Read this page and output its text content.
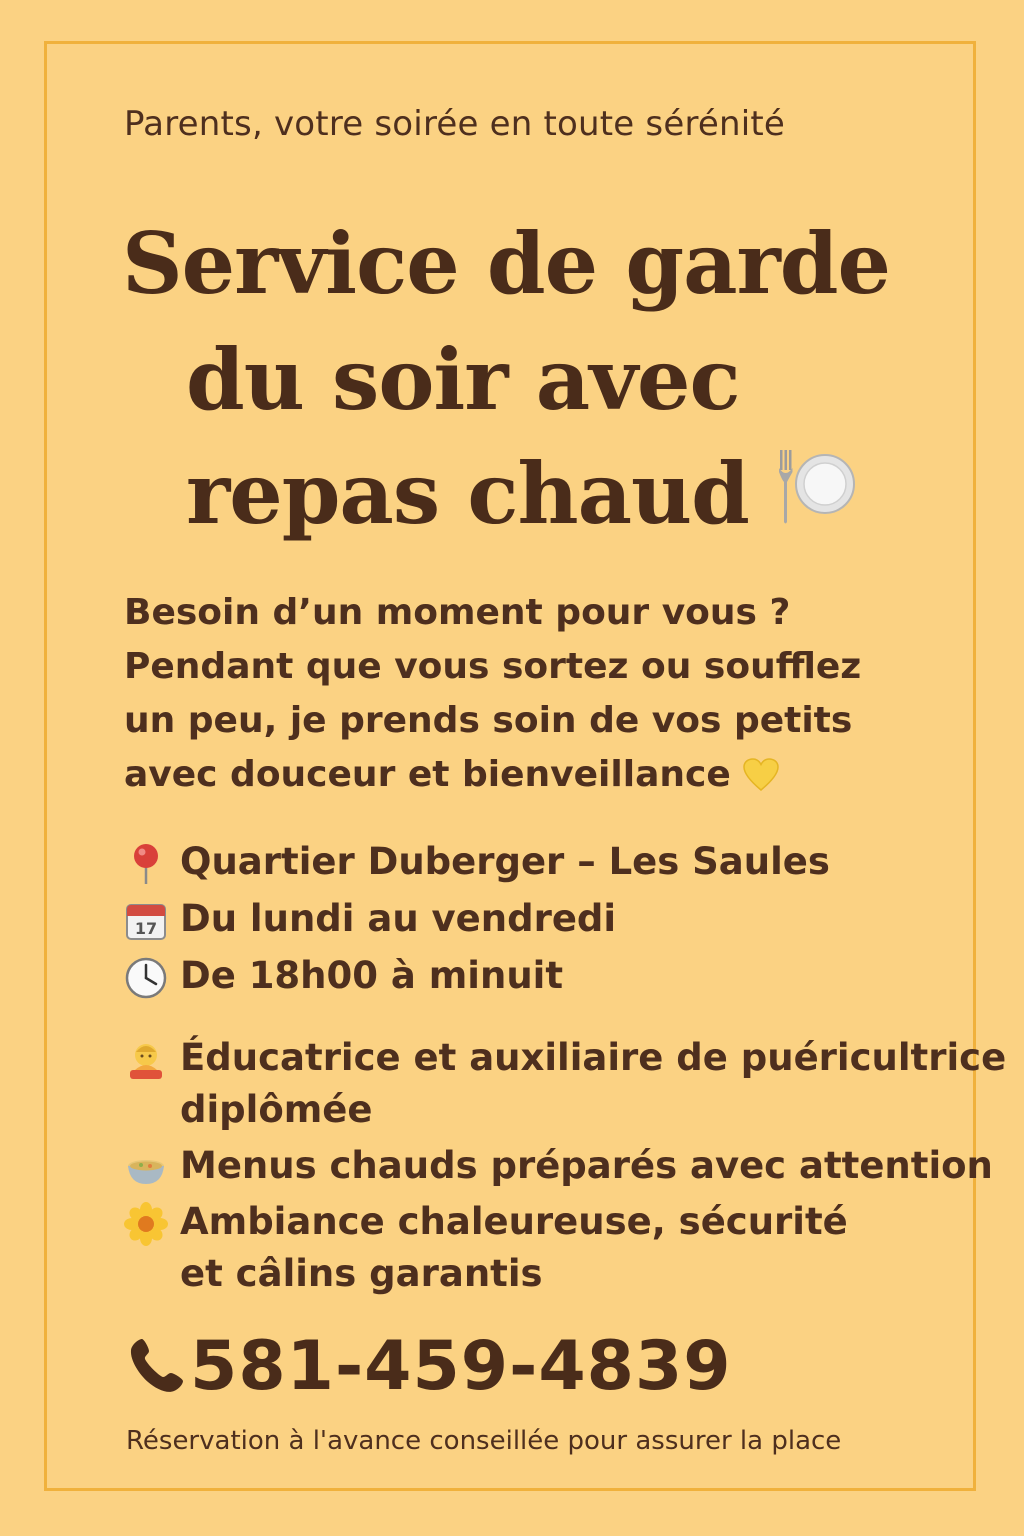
Parents, votre soirée en toute sérénité
Service de garde
du soir avec
repas chaud
Besoin d’un moment pour vous ?
Pendant que vous sortez ou soufflez
un peu, je prends soin de vos petits
avec douceur et bienveillance
Quartier Duberger – Les Saules
17 Du lundi au vendredi
De 18h00 à minuit
Éducatrice et auxiliaire de puéricultrice
diplômée
Menus chauds préparés avec attention
Ambiance chaleureuse, sécurité
et câlins garantis
581-459-4839
Réservation à l'avance conseillée pour assurer la place
